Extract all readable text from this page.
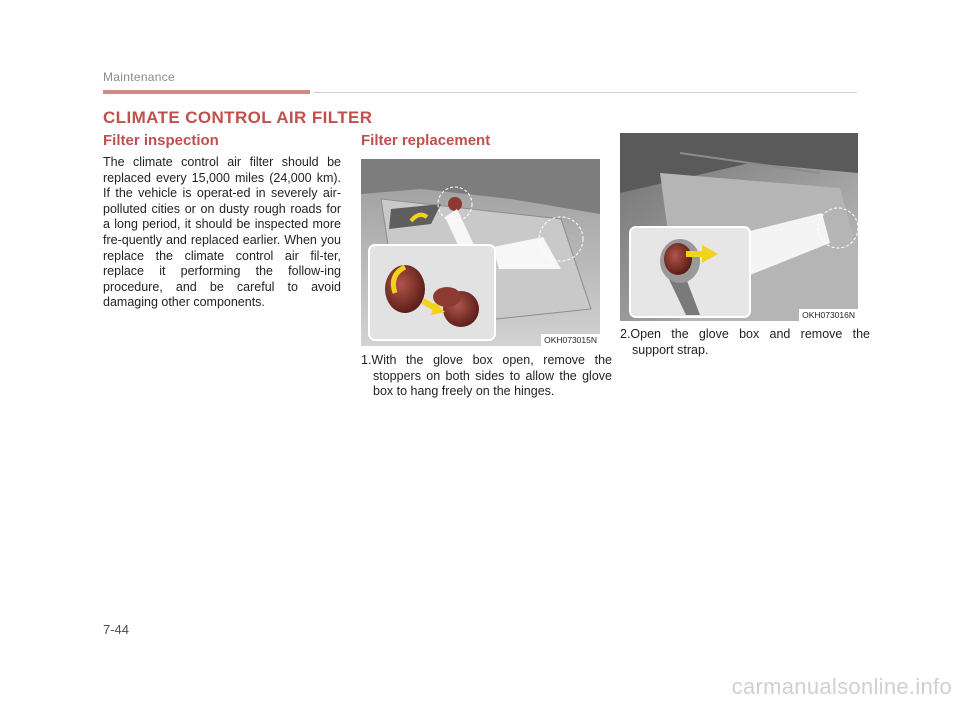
Maintenance
CLIMATE CONTROL AIR FILTER
Filter inspection
The climate control air filter should be replaced every 15,000 miles (24,000 km). If the vehicle is operat-ed in severely air-polluted cities or on dusty rough roads for a long period, it should be inspected more fre-quently and replaced earlier. When you replace the climate control air fil-ter, replace it performing the follow-ing procedure, and be careful to avoid damaging other components.
Filter replacement
OKH073015N
1.With the glove box open, remove the stoppers on both sides to allow the glove box to hang freely on the hinges.
OKH073016N
2.Open the glove box and remove the support strap.
7-44
carmanualsonline.info
